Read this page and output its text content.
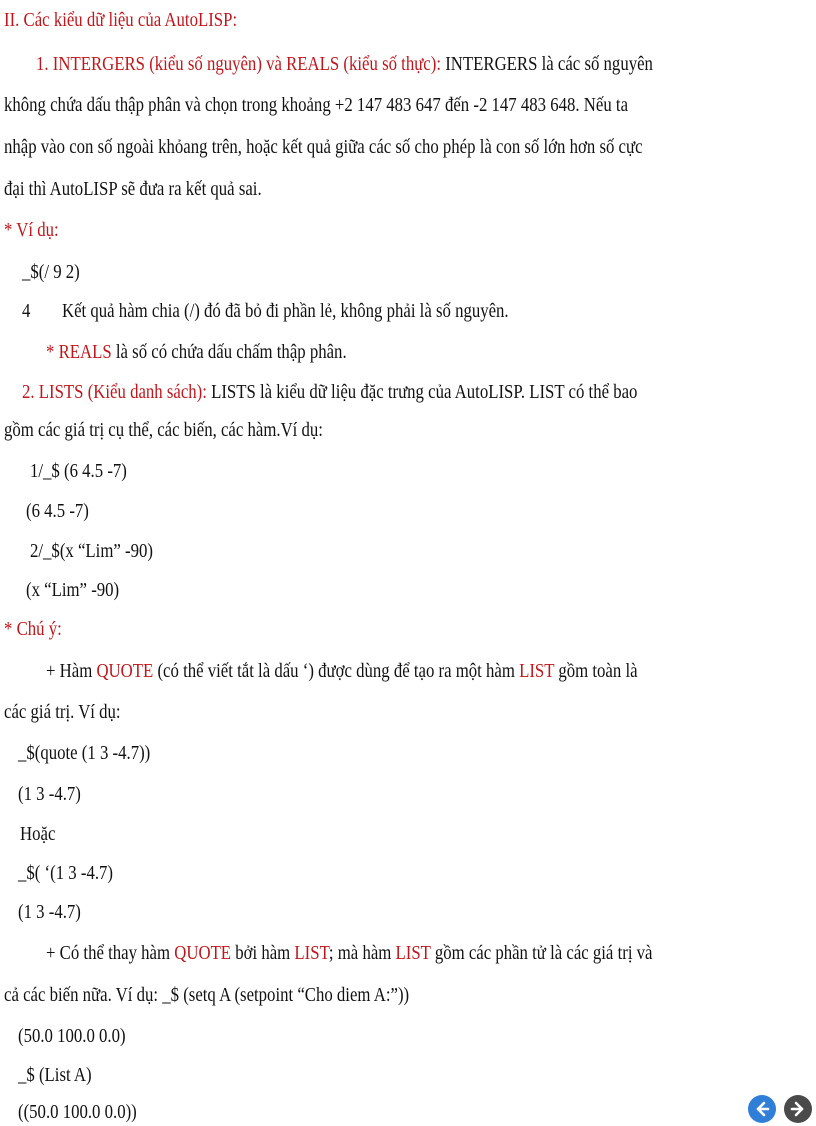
II. Các kiểu dữ liệu của AutoLISP:
1. INTERGERS (kiểu số nguyên) và REALS (kiểu số thực): INTERGERS là các số nguyên
không chứa dấu thập phân và chọn trong khoảng +2 147 483 647 đến -2 147 483 648. Nếu ta
nhập vào con số ngoài khỏang trên, hoặc kết quả giữa các số cho phép là con số lớn hơn số cực
đại thì AutoLISP sẽ đưa ra kết quả sai.
* Ví dụ:
_$(/ 9 2)
4 Kết quả hàm chia (/) đó đã bỏ đi phần lẻ, không phải là số nguyên.
* REALS là số có chứa dấu chấm thập phân.
2. LISTS (Kiểu danh sách): LISTS là kiểu dữ liệu đặc trưng của AutoLISP. LIST có thể bao
gồm các giá trị cụ thể, các biến, các hàm.Ví dụ:
1/_$ (6 4.5 -7)
(6 4.5 -7)
2/_$(x “Lim” -90)
(x “Lim” -90)
* Chú ý:
+ Hàm QUOTE (có thể viết tắt là dấu ‘) được dùng để tạo ra một hàm LIST gồm toàn là
các giá trị. Ví dụ:
_$(quote (1 3 -4.7))
(1 3 -4.7)
Hoặc
_$( ‘(1 3 -4.7)
(1 3 -4.7)
+ Có thể thay hàm QUOTE bởi hàm LIST; mà hàm LIST gồm các phần tử là các giá trị và
cả các biến nữa. Ví dụ: _$ (setq A (setpoint “Cho diem A:”))
(50.0 100.0 0.0)
_$ (List A)
((50.0 100.0 0.0))
